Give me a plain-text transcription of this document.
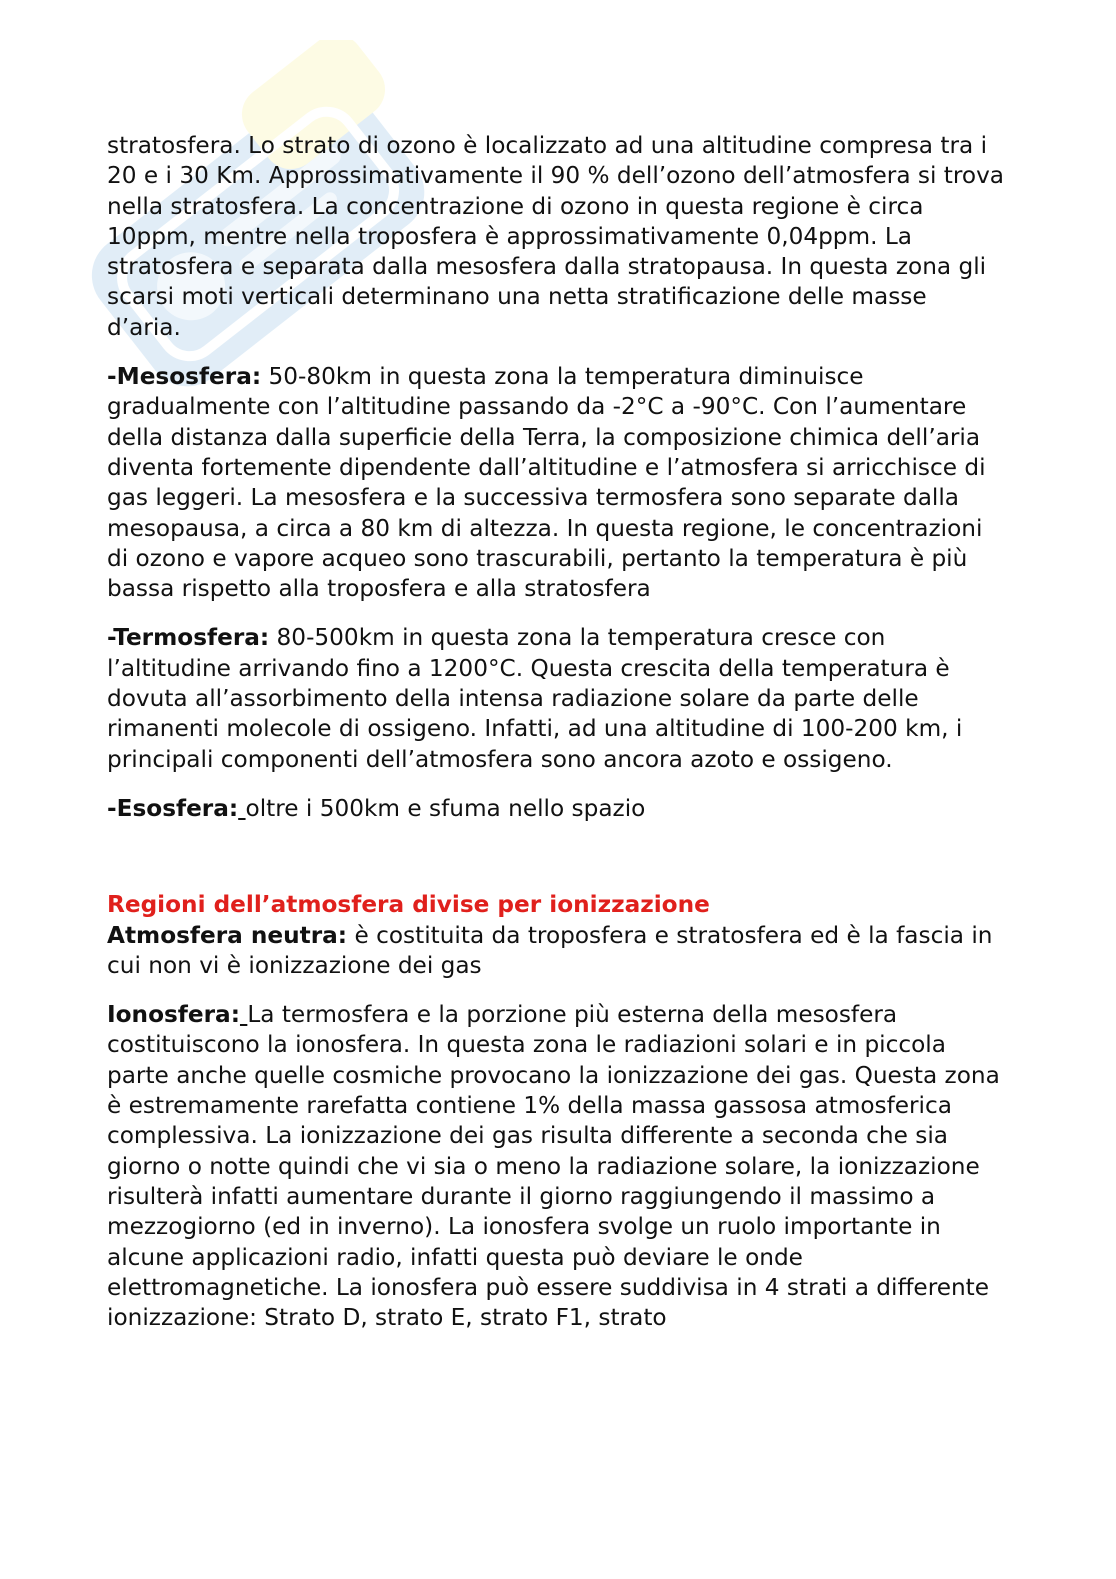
stratosfera. Lo strato di ozono è localizzato ad una altitudine compresa tra i 20 e i 30 Km. Approssimativamente il 90 % dell’ozono dell’atmosfera si trova nella stratosfera. La concentrazione di ozono in questa regione è circa 10ppm, mentre nella troposfera è approssimativamente 0,04ppm. La stratosfera e separata dalla mesosfera dalla stratopausa. In questa zona gli scarsi moti verticali determinano una netta stratificazione delle masse d’aria.

-Mesosfera: 50-80km in questa zona la temperatura diminuisce gradualmente con l’altitudine passando da -2°C a -90°C. Con l’aumentare della distanza dalla superficie della Terra, la composizione chimica dell’aria diventa fortemente dipendente dall’altitudine e l’atmosfera si arricchisce di gas leggeri. La mesosfera e la successiva termosfera sono separate dalla mesopausa, a circa a 80 km di altezza. In questa regione, le concentrazioni di ozono e vapore acqueo sono trascurabili, pertanto la temperatura è più bassa rispetto alla troposfera e alla stratosfera

-Termosfera: 80-500km in questa zona la temperatura cresce con l’altitudine arrivando fino a 1200°C. Questa crescita della temperatura è dovuta all’assorbimento della intensa radiazione solare da parte delle rimanenti molecole di ossigeno. Infatti, ad una altitudine di 100-200 km, i principali componenti dell’atmosfera sono ancora azoto e ossigeno.

-Esosfera: oltre i 500km e sfuma nello spazio

Regioni dell’atmosfera divise per ionizzazione

Atmosfera neutra: è costituita da troposfera e stratosfera ed è la fascia in cui non vi è ionizzazione dei gas

Ionosfera: La termosfera e la porzione più esterna della mesosfera costituiscono la ionosfera. In questa zona le radiazioni solari e in piccola parte anche quelle cosmiche provocano la ionizzazione dei gas. Questa zona è estremamente rarefatta contiene 1% della massa gassosa atmosferica complessiva. La ionizzazione dei gas risulta differente a seconda che sia giorno o notte quindi che vi sia o meno la radiazione solare, la ionizzazione risulterà infatti aumentare durante il giorno raggiungendo il massimo a mezzogiorno (ed in inverno). La ionosfera svolge un ruolo importante in alcune applicazioni radio, infatti questa può deviare le onde elettromagnetiche. La ionosfera può essere suddivisa in 4 strati a differente ionizzazione: Strato D, strato E, strato F1, strato
